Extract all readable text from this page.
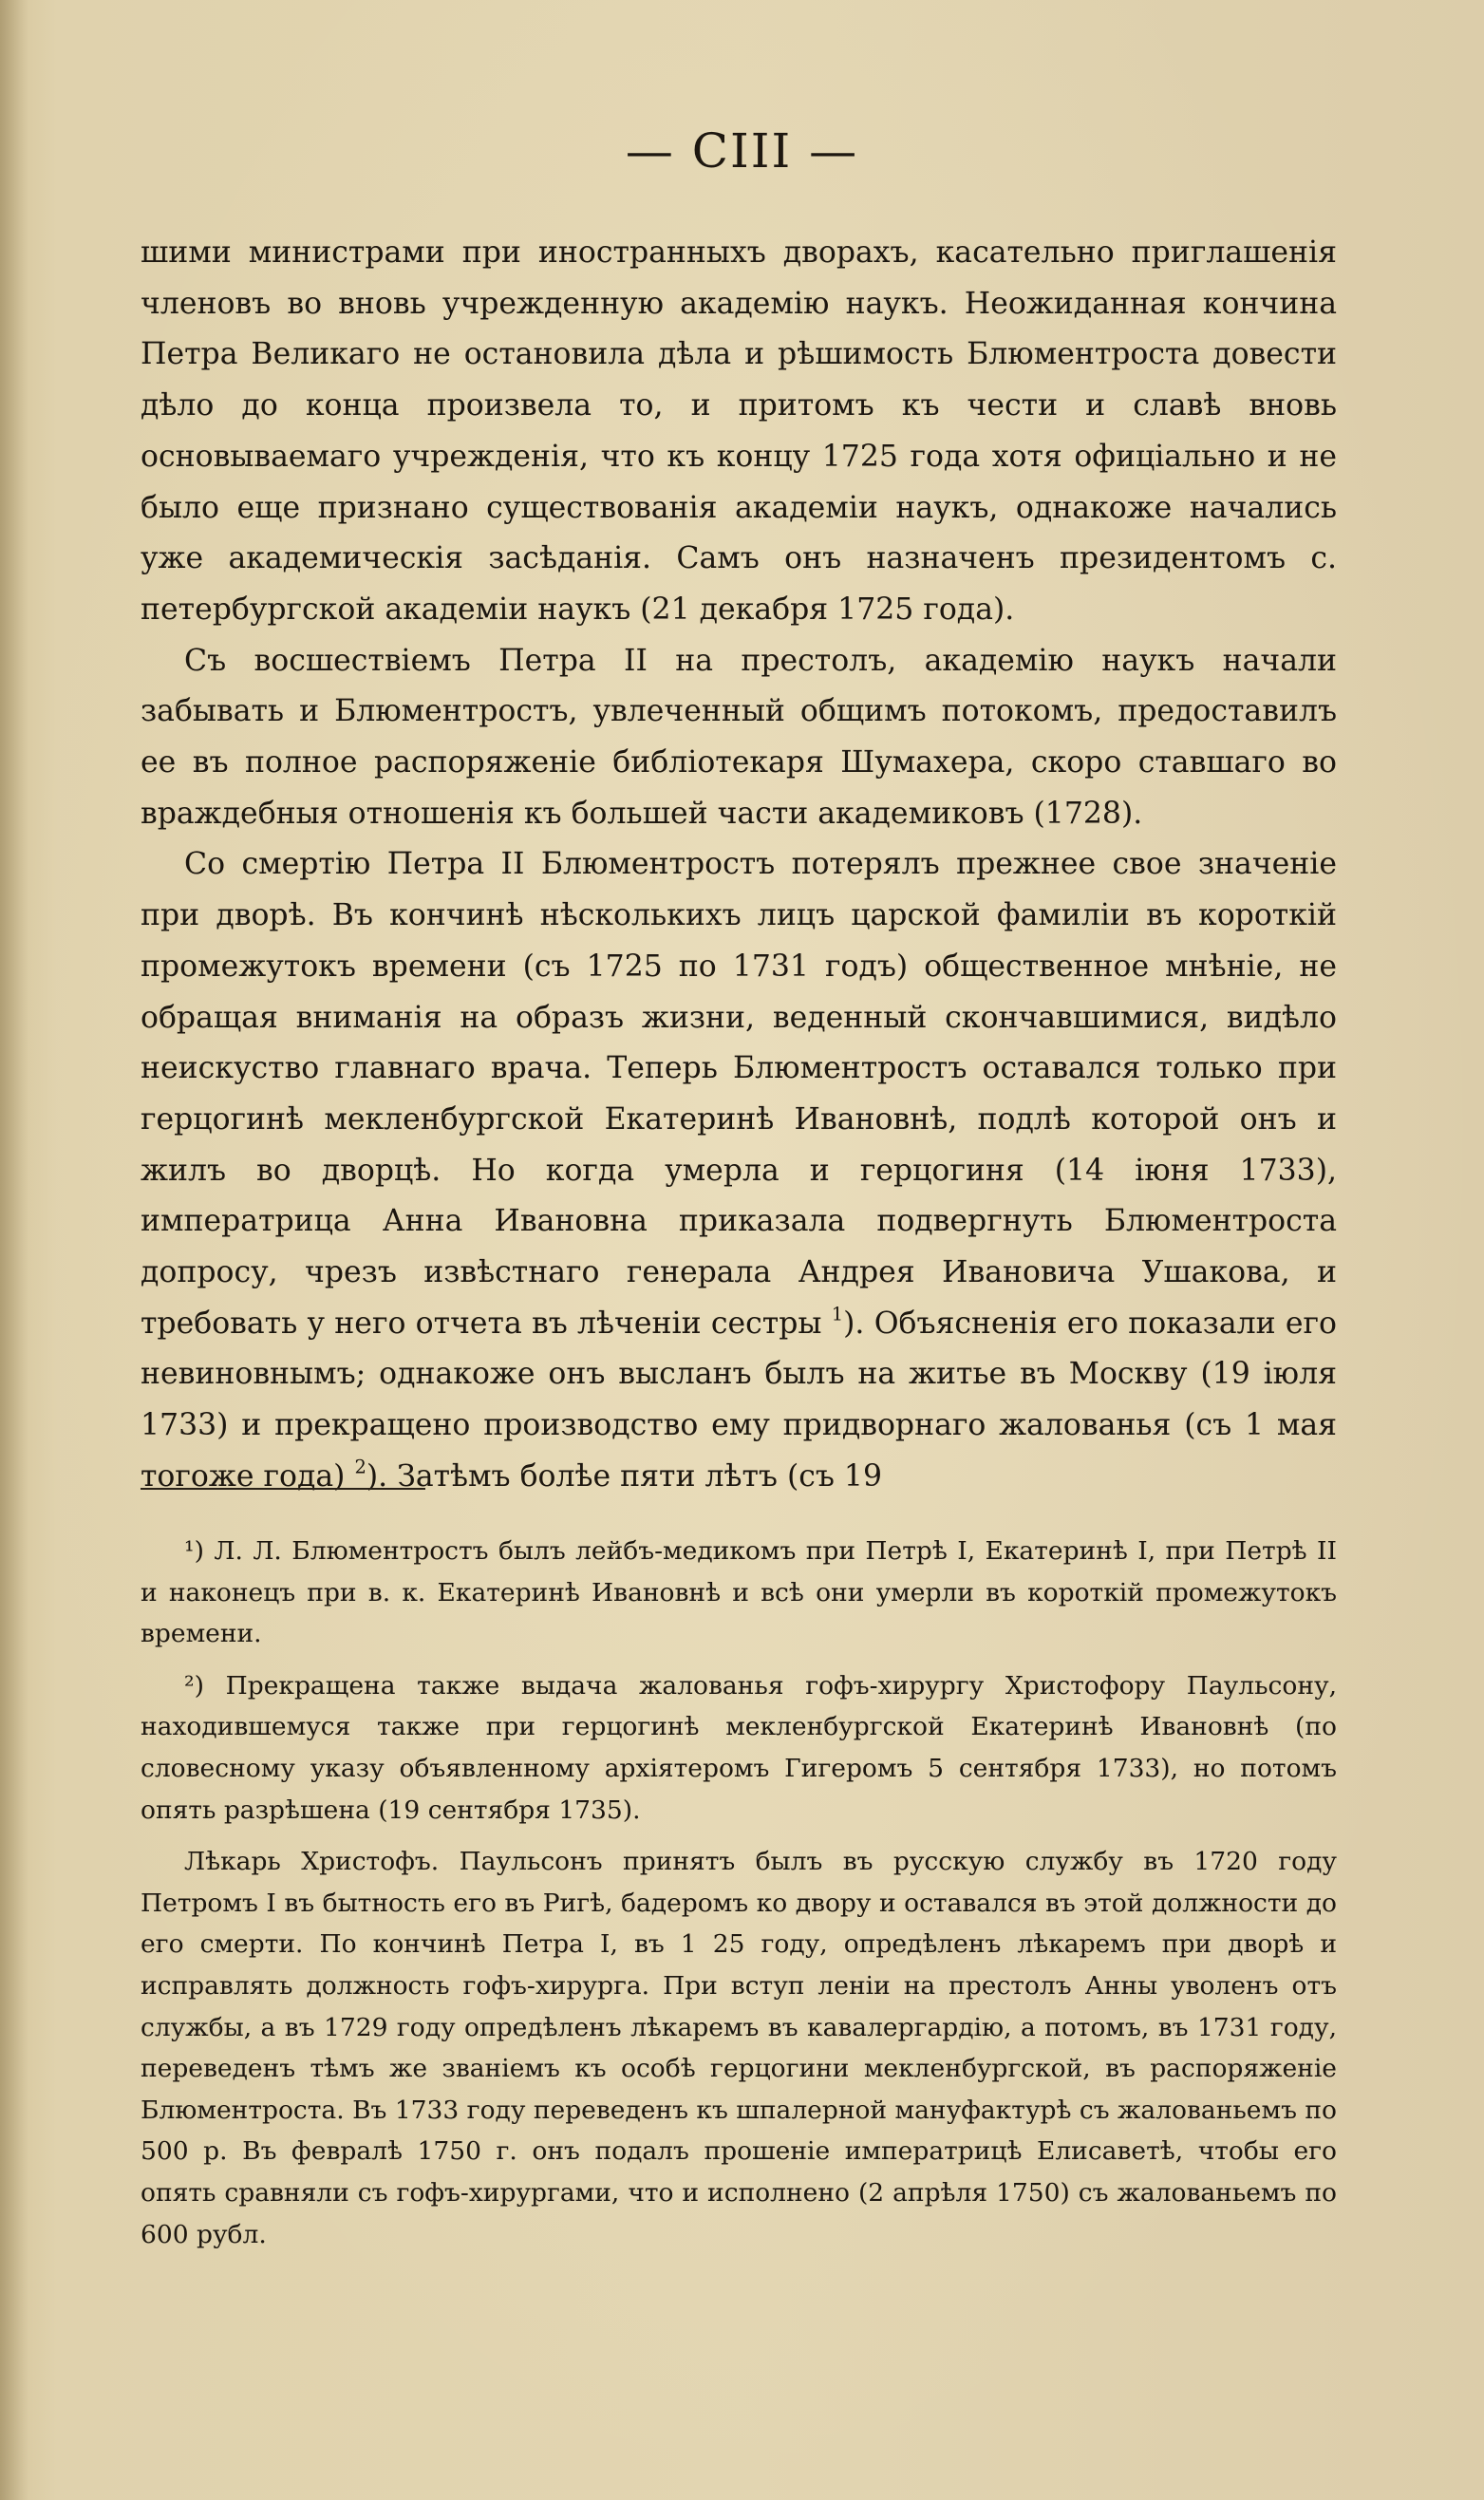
— CIII —

шими министрами при иностранныхъ дворахъ, касательно приглашенія членовъ во вновь учрежденную академію наукъ. Неожиданная кончина Петра Великаго не остановила дѣла и рѣшимость Блюментроста довести дѣло до конца произвела то, и притомъ къ чести и славѣ вновь основываемаго учрежденія, что къ концу 1725 года хотя офиціально и не было еще признано существованія академіи наукъ, однакоже начались уже академическія засѣданія. Самъ онъ назначенъ президентомъ с. петербургской академіи наукъ (21 декабря 1725 года).

Съ восшествіемъ Петра II на престолъ, академію наукъ начали забывать и Блюментростъ, увлеченный общимъ потокомъ, предоставилъ ее въ полное распоряженіе библіотекаря Шумахера, скоро ставшаго во враждебныя отношенія къ большей части академиковъ (1728).

Со смертію Петра II Блюментростъ потерялъ прежнее свое значеніе при дворѣ. Въ кончинѣ нѣсколькихъ лицъ царской фамиліи въ короткій промежутокъ времени (съ 1725 по 1731 годъ) общественное мнѣніе, не обращая вниманія на образъ жизни, веденный скончавшимися, видѣло неискуство главнаго врача. Теперь Блюментростъ оставался только при герцогинѣ мекленбургской Екатеринѣ Ивановнѣ, подлѣ которой онъ и жилъ во дворцѣ. Но когда умерла и герцогиня (14 іюня 1733), императрица Анна Ивановна приказала подвергнуть Блюментроста допросу, чрезъ извѣстнаго генерала Андрея Ивановича Ушакова, и требовать у него отчета въ лѣченіи сестры $^1$). Объясненія его показали его невиновнымъ; однакоже онъ высланъ былъ на житье въ Москву (19 іюля 1733) и прекращено производство ему придворнаго жалованья (съ 1 мая тогоже года) $^2$). Затѣмъ болѣе пяти лѣтъ (съ 19

¹) Л. Л. Блюментростъ былъ лейбъ-медикомъ при Петрѣ I, Екатеринѣ I, при Петрѣ II и наконецъ при в. к. Екатеринѣ Ивановнѣ и всѣ они умерли въ короткій промежутокъ времени.

²) Прекращена также выдача жалованья гофъ-хирургу Христофору Паульсону, находившемуся также при герцогинѣ мекленбургской Екатеринѣ Ивановнѣ (по словесному указу объявленному архіятеромъ Гигеромъ 5 сентября 1733), но потомъ опять разрѣшена (19 сентября 1735).

Лѣкарь Христофъ. Паульсонъ принятъ былъ въ русскую службу въ 1720 году Петромъ I въ бытность его въ Ригѣ, бадеромъ ко двору и оставался въ этой должности до его смерти. По кончинѣ Петра I, въ 1 25 году, опредѣленъ лѣкаремъ при дворѣ и исправлять должность гофъ-хирурга. При вступ леніи на престолъ Анны уволенъ отъ службы, а въ 1729 году опредѣленъ лѣкаремъ въ кавалергардію, а потомъ, въ 1731 году, переведенъ тѣмъ же званіемъ къ особѣ герцогини мекленбургской, въ распоряженіе Блюментроста. Въ 1733 году переведенъ къ шпалерной мануфактурѣ съ жалованьемъ по 500 р. Въ февралѣ 1750 г. онъ подалъ прошеніе императрицѣ Елисаветѣ, чтобы его опять сравняли съ гофъ-хирургами, что и исполнено (2 апрѣля 1750) съ жалованьемъ по 600 рубл.
